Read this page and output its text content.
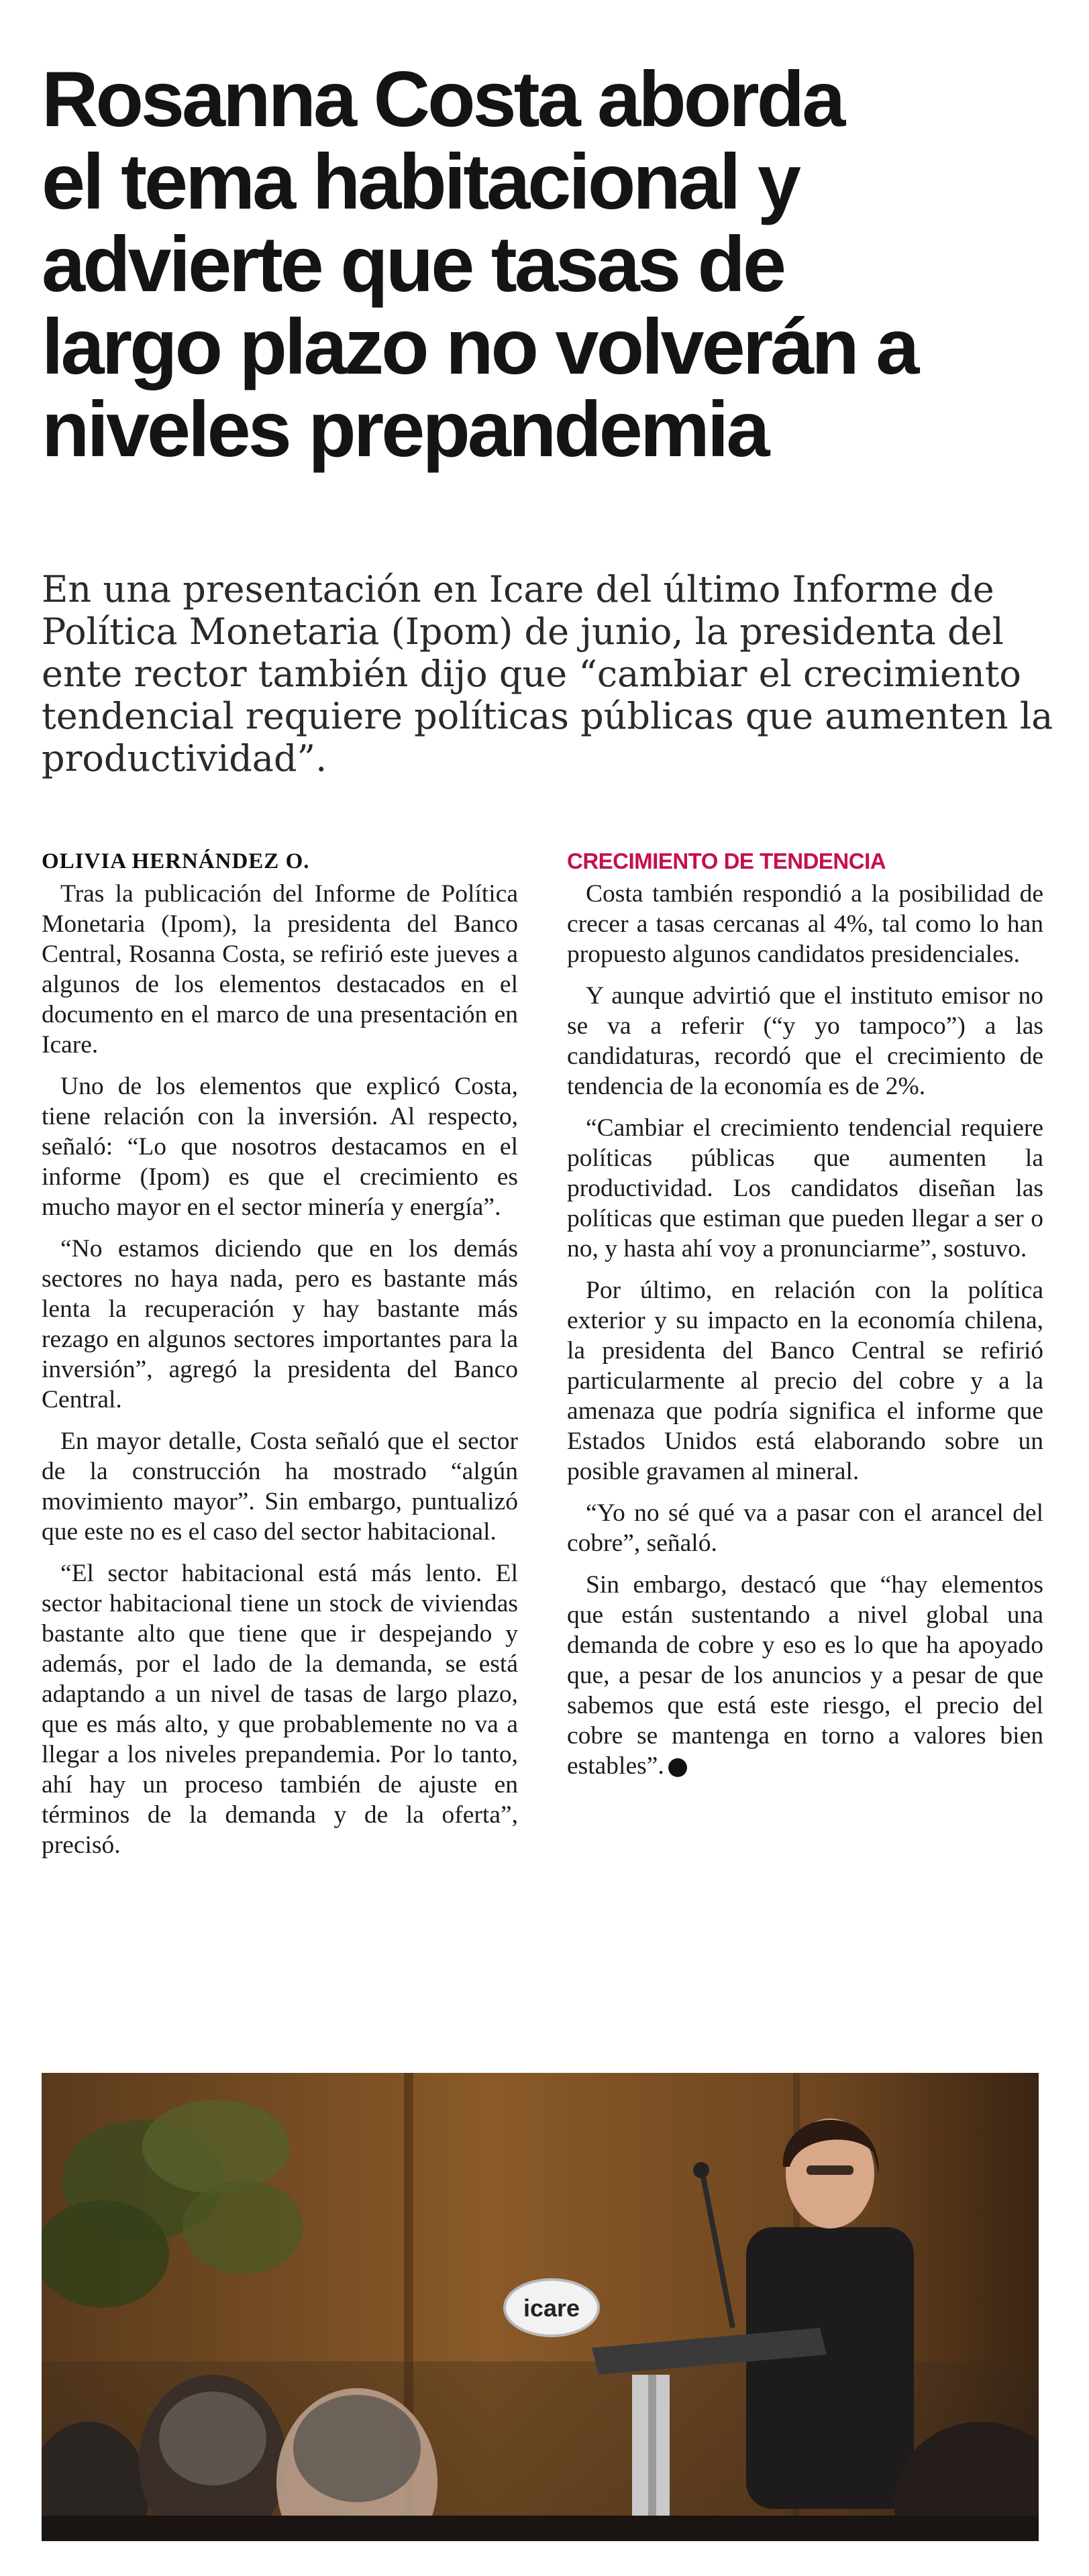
Rosanna Costa aborda
el tema habitacional y
advierte que tasas de
largo plazo no volverán a
niveles prepandemia
En una presentación en Icare del último Informe de
Política Monetaria (Ipom) de junio, la presidenta del
ente rector también dijo que “cambiar el crecimiento
tendencial requiere políticas públicas que aumenten la
productividad”.
OLIVIA HERNÁNDEZ O.

Tras la publicación del Informe de Política Monetaria (Ipom), la presidenta del Banco Central, Rosanna Costa, se refirió este jueves a algunos de los elementos destacados en el documento en el marco de una presentación en Icare.

Uno de los elementos que explicó Costa, tiene relación con la inversión. Al respecto, señaló: “Lo que nosotros destacamos en el informe (Ipom) es que el crecimiento es mucho mayor en el sector minería y energía”.

“No estamos diciendo que en los demás sectores no haya nada, pero es bastante más lenta la recuperación y hay bastante más rezago en algunos sectores importantes para la inversión”, agregó la presidenta del Banco Central.

En mayor detalle, Costa señaló que el sector de la construcción ha mostrado “algún movimiento mayor”. Sin embargo, puntualizó que este no es el caso del sector habitacional.

“El sector habitacional está más lento. El sector habitacional tiene un stock de viviendas bastante alto que tiene que ir despejando y además, por el lado de la demanda, se está adaptando a un nivel de tasas de largo plazo, que es más alto, y que probablemente no va a llegar a los niveles prepandemia. Por lo tanto, ahí hay un proceso también de ajuste en términos de la demanda y de la oferta”, precisó.

CRECIMIENTO DE TENDENCIA

Costa también respondió a la posibilidad de crecer a tasas cercanas al 4%, tal como lo han propuesto algunos candidatos presidenciales.

Y aunque advirtió que el instituto emisor no se va a referir (“y yo tampoco”) a las candidaturas, recordó que el crecimiento de tendencia de la economía es de 2%.

“Cambiar el crecimiento tendencial requiere políticas públicas que aumenten la productividad. Los candidatos diseñan las políticas que estiman que pueden llegar a ser o no, y hasta ahí voy a pronunciarme”, sostuvo.

Por último, en relación con la política exterior y su impacto en la economía chilena, la presidenta del Banco Central se refirió particularmente al precio del cobre y a la amenaza que podría significa el informe que Estados Unidos está elaborando sobre un posible gravamen al mineral.

“Yo no sé qué va a pasar con el arancel del cobre”, señaló.

Sin embargo, destacó que “hay elementos que están sustentando a nivel global una demanda de cobre y eso es lo que ha apoyado que, a pesar de los anuncios y a pesar de que sabemos que está este riesgo, el precio del cobre se mantenga en torno a valores bien estables”. P

icare
